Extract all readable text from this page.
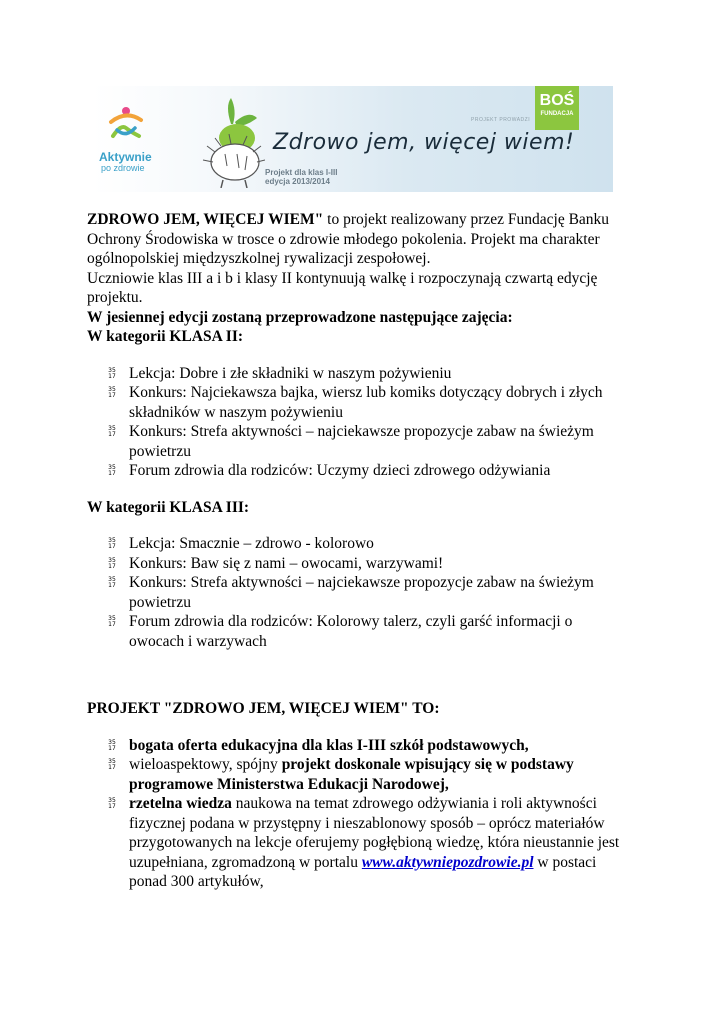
Aktywnie
po zdrowie
Zdrowo jem, więcej wiem!
Projekt dla klas I-III
edycja 2013/2014
PROJEKT PROWADZI
BOŚ
FUNDACJA

ZDROWO JEM, WIĘCEJ WIEM" to projekt realizowany przez Fundację Banku Ochrony Środowiska w trosce o zdrowie młodego pokolenia. Projekt ma charakter ogólnopolskiej międzyszkolnej rywalizacji zespołowej.

Uczniowie klas III a i b i klasy II kontynuują walkę i rozpoczynają czwartą edycję projektu.

W jesiennej edycji zostaną przeprowadzone następujące zajęcia:

W kategorii KLASA II:

35
17 Lekcja: Dobre i złe składniki w naszym pożywieniu
35
17 Konkurs: Najciekawsza bajka, wiersz lub komiks dotyczący dobrych i złych składników w naszym pożywieniu
35
17 Konkurs: Strefa aktywności – najciekawsze propozycje zabaw na świeżym powietrzu
35
17 Forum zdrowia dla rodziców: Uczymy dzieci zdrowego odżywiania

W kategorii KLASA III:

35
17 Lekcja: Smacznie – zdrowo - kolorowo
35
17 Konkurs: Baw się z nami – owocami, warzywami!
35
17 Konkurs: Strefa aktywności – najciekawsze propozycje zabaw na świeżym powietrzu
35
17 Forum zdrowia dla rodziców: Kolorowy talerz, czyli garść informacji o owocach i warzywach

PROJEKT "ZDROWO JEM, WIĘCEJ WIEM" TO:

35
17 bogata oferta edukacyjna dla klas I-III szkół podstawowych,
35
17 wieloaspektowy, spójny projekt doskonale wpisujący się w podstawy programowe Ministerstwa Edukacji Narodowej,
35
17 rzetelna wiedza naukowa na temat zdrowego odżywiania i roli aktywności fizycznej podana w przystępny i nieszablonowy sposób – oprócz materiałów przygotowanych na lekcje oferujemy pogłębioną wiedzę, która nieustannie jest uzupełniana, zgromadzoną w portalu www.aktywniepozdrowie.pl w postaci ponad 300 artykułów,
